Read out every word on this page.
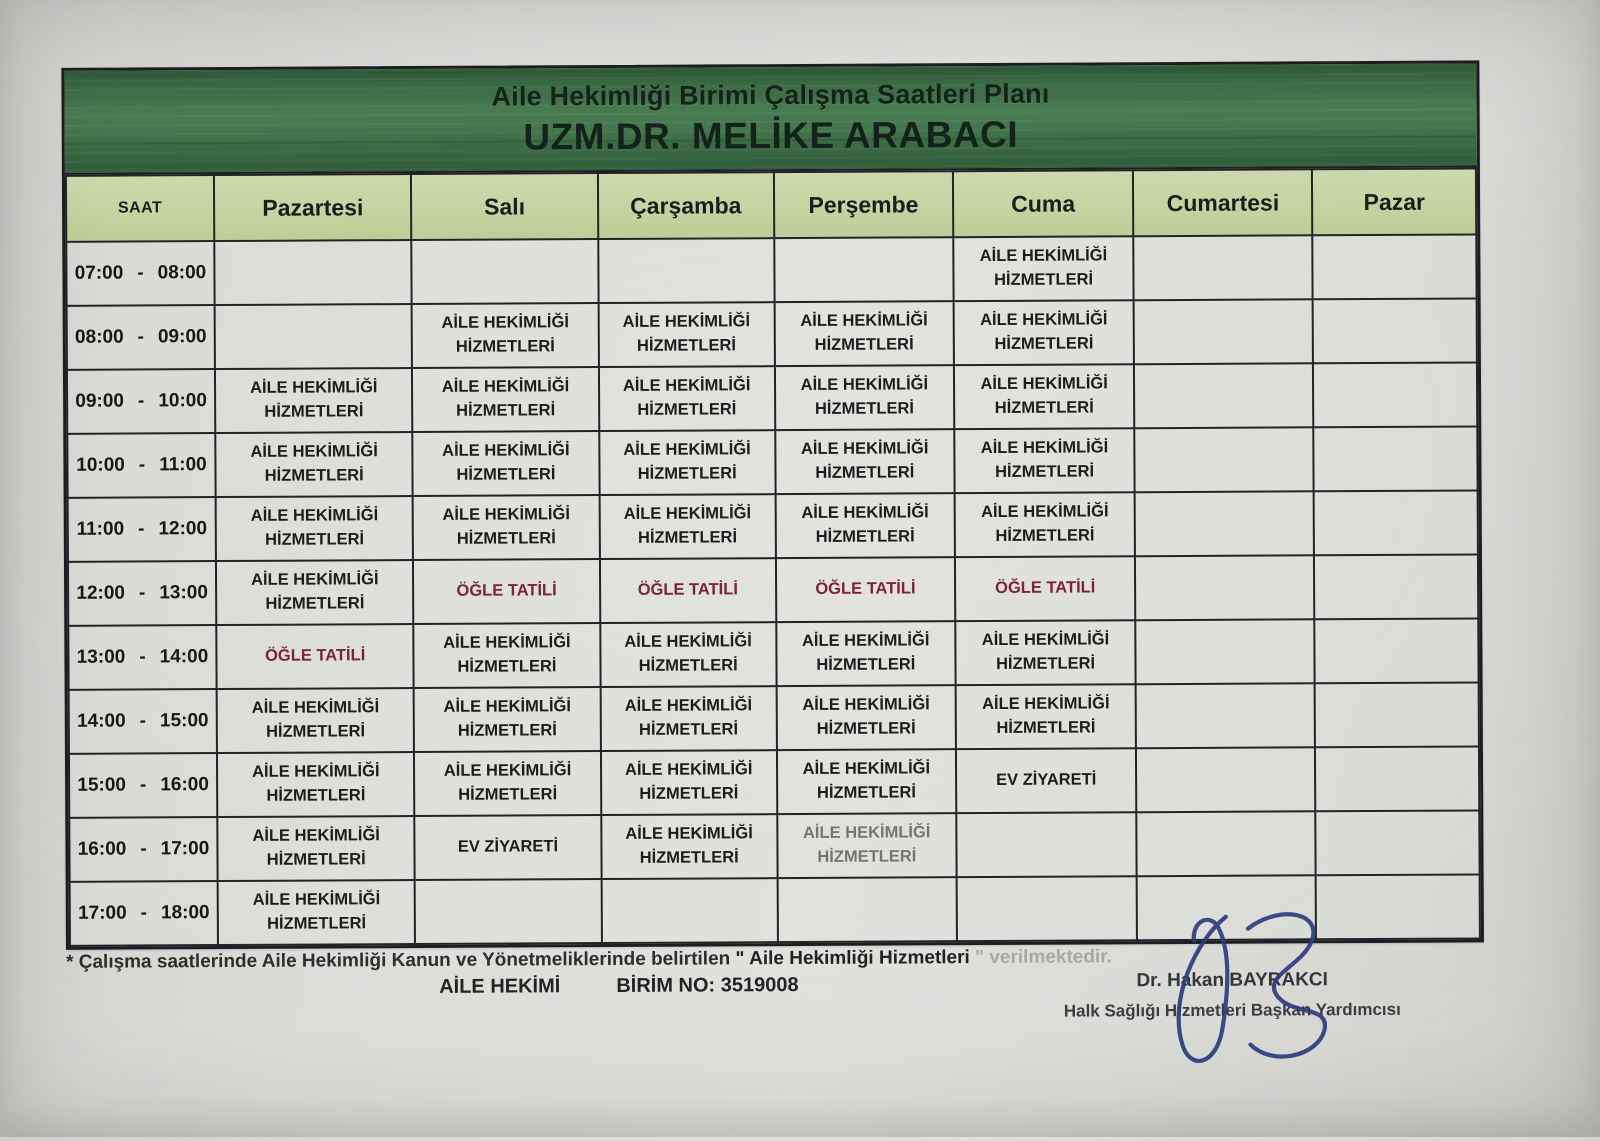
Aile Hekimliği Birimi Çalışma Saatleri Planı
UZM.DR. MELİKE ARABACI
SAAT	Pazartesi	Salı	Çarşamba	Perşembe	Cuma	Cumartesi	Pazar

07:00 - 08:00					AİLE HEKİMLİĞİ HİZMETLERİ		

08:00 - 09:00		AİLE HEKİMLİĞİ HİZMETLERİ	AİLE HEKİMLİĞİ HİZMETLERİ	AİLE HEKİMLİĞİ HİZMETLERİ	AİLE HEKİMLİĞİ HİZMETLERİ		

09:00 - 10:00	AİLE HEKİMLİĞİ HİZMETLERİ	AİLE HEKİMLİĞİ HİZMETLERİ	AİLE HEKİMLİĞİ HİZMETLERİ	AİLE HEKİMLİĞİ HİZMETLERİ	AİLE HEKİMLİĞİ HİZMETLERİ		

10:00 - 11:00	AİLE HEKİMLİĞİ HİZMETLERİ	AİLE HEKİMLİĞİ HİZMETLERİ	AİLE HEKİMLİĞİ HİZMETLERİ	AİLE HEKİMLİĞİ HİZMETLERİ	AİLE HEKİMLİĞİ HİZMETLERİ		

11:00 - 12:00	AİLE HEKİMLİĞİ HİZMETLERİ	AİLE HEKİMLİĞİ HİZMETLERİ	AİLE HEKİMLİĞİ HİZMETLERİ	AİLE HEKİMLİĞİ HİZMETLERİ	AİLE HEKİMLİĞİ HİZMETLERİ		

12:00 - 13:00	AİLE HEKİMLİĞİ HİZMETLERİ	ÖĞLE TATİLİ	ÖĞLE TATİLİ	ÖĞLE TATİLİ	ÖĞLE TATİLİ		

13:00 - 14:00	ÖĞLE TATİLİ	AİLE HEKİMLİĞİ HİZMETLERİ	AİLE HEKİMLİĞİ HİZMETLERİ	AİLE HEKİMLİĞİ HİZMETLERİ	AİLE HEKİMLİĞİ HİZMETLERİ		

14:00 - 15:00	AİLE HEKİMLİĞİ HİZMETLERİ	AİLE HEKİMLİĞİ HİZMETLERİ	AİLE HEKİMLİĞİ HİZMETLERİ	AİLE HEKİMLİĞİ HİZMETLERİ	AİLE HEKİMLİĞİ HİZMETLERİ		

15:00 - 16:00	AİLE HEKİMLİĞİ HİZMETLERİ	AİLE HEKİMLİĞİ HİZMETLERİ	AİLE HEKİMLİĞİ HİZMETLERİ	AİLE HEKİMLİĞİ HİZMETLERİ	EV ZİYARETİ		

16:00 - 17:00	AİLE HEKİMLİĞİ HİZMETLERİ	EV ZİYARETİ	AİLE HEKİMLİĞİ HİZMETLERİ	AİLE HEKİMLİĞİ HİZMETLERİ			

17:00 - 18:00	AİLE HEKİMLİĞİ HİZMETLERİ						

* Çalışma saatlerinde Aile Hekimliği Kanun ve Yönetmeliklerinde belirtilen " Aile Hekimliği Hizmetleri " verilmektedir.

AİLE HEKİMİ	BİRİM NO: 3519008	Dr. Hakan BAYRAKCI
Halk Sağlığı Hizmetleri Başkan Yardımcısı
